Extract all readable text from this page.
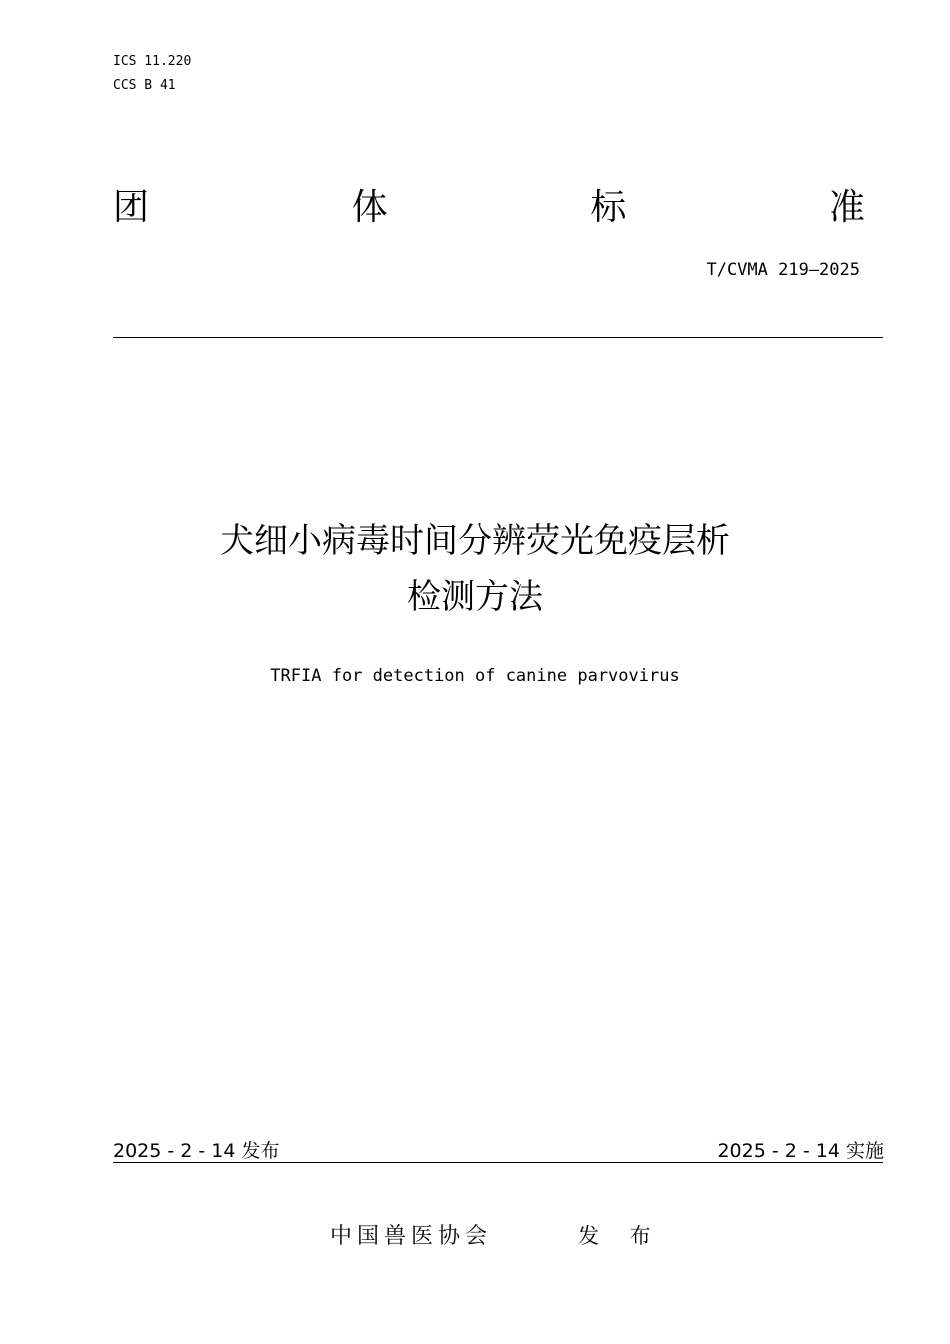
ICS 11.220
CCS B 41
团	体	标	准
T/CVMA 219—2025
犬细小病毒时间分辨荧光免疫层析
检测方法
TRFIA for detection of canine parvovirus
2025 - 2 - 14 发布	2025 - 2 - 14 实施
中国兽医协会	发 布
